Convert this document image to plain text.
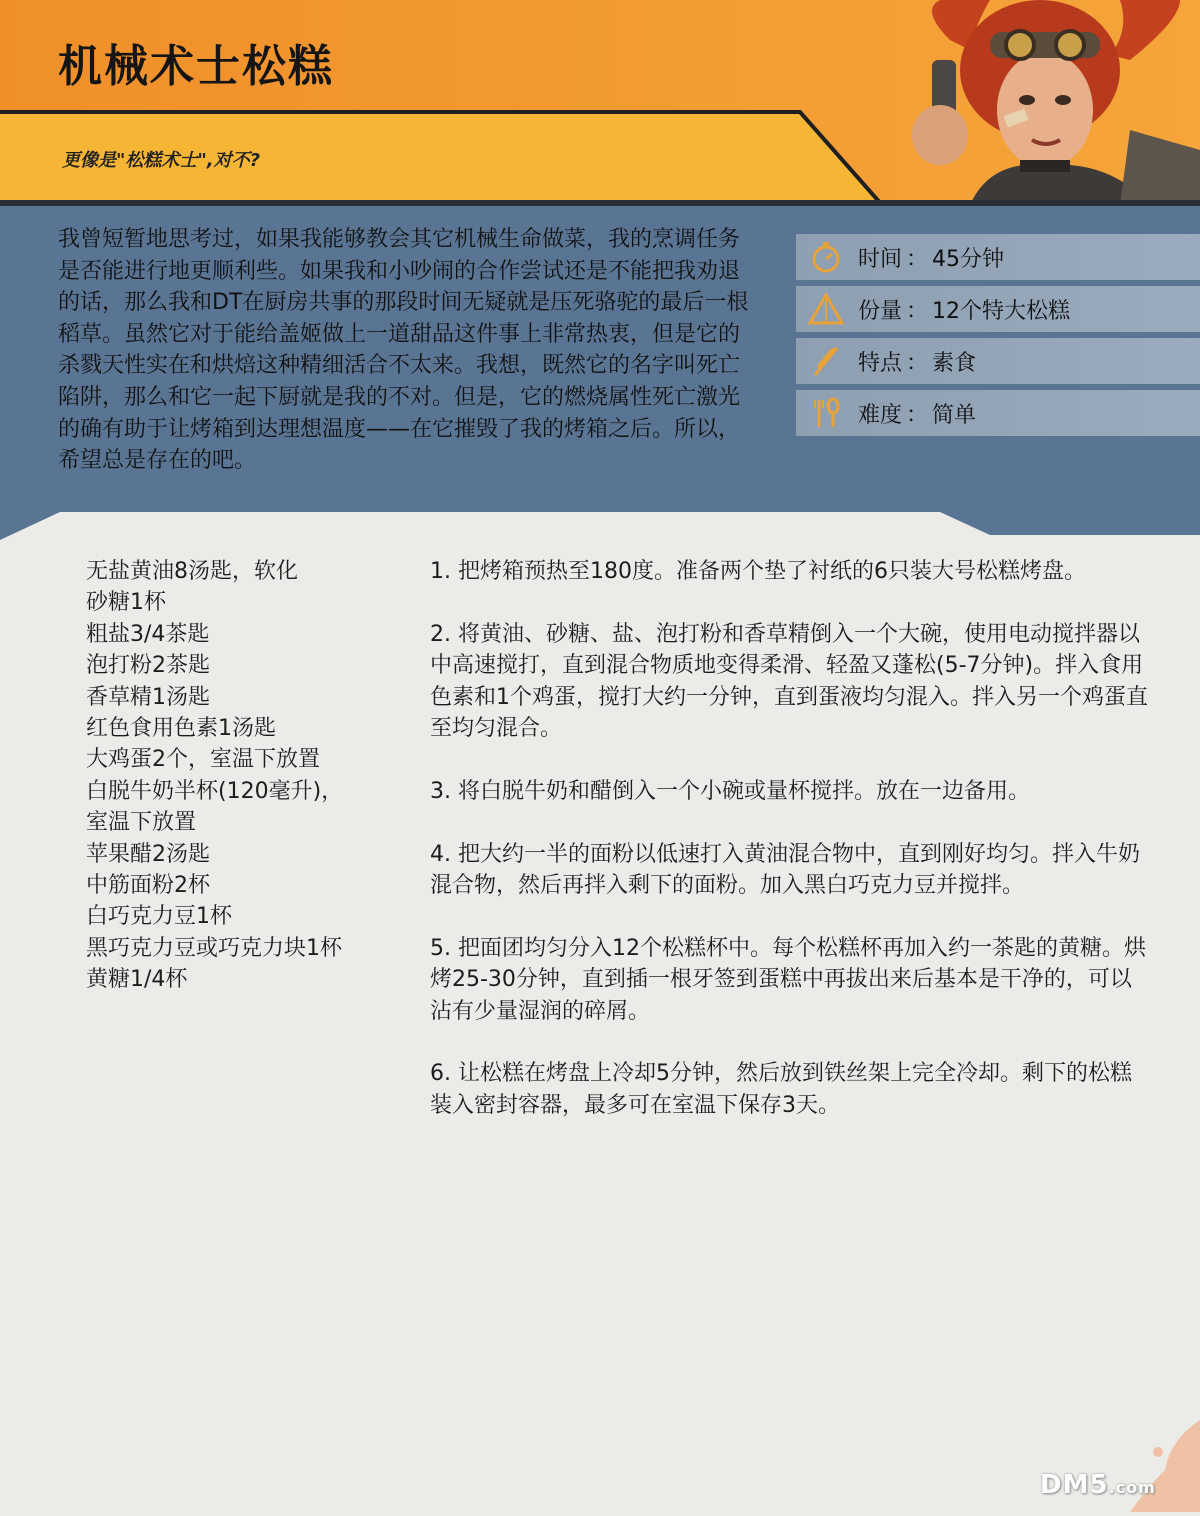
机械术士松糕
更像是"松糕术士",对不?

我曾短暂地思考过，如果我能够教会其它机械生命做菜，我的烹调任务是否能进行地更顺利些。如果我和小吵闹的合作尝试还是不能把我劝退的话，那么我和DT在厨房共事的那段时间无疑就是压死骆驼的最后一根稻草。虽然它对于能给盖姬做上一道甜品这件事上非常热衷，但是它的杀戮天性实在和烘焙这种精细活合不太来。我想，既然它的名字叫死亡陷阱，那么和它一起下厨就是我的不对。但是，它的燃烧属性死亡激光的确有助于让烤箱到达理想温度——在它摧毁了我的烤箱之后。所以，希望总是存在的吧。

时间 ： 45分钟
份量 ： 12个特大松糕
特点 ： 素食
难度 ： 简单
无盐黄油8汤匙，软化
砂糖1杯
粗盐3/4茶匙
泡打粉2茶匙
香草精1汤匙
红色食用色素1汤匙
大鸡蛋2个，室温下放置
白脱牛奶半杯(120毫升)，
室温下放置
苹果醋2汤匙
中筋面粉2杯
白巧克力豆1杯
黑巧克力豆或巧克力块1杯
黄糖1/4杯
1. 把烤箱预热至180度。准备两个垫了衬纸的6只装大号松糕烤盘。
2. 将黄油、砂糖、盐、泡打粉和香草精倒入一个大碗，使用电动搅拌器以中高速搅打，直到混合物质地变得柔滑、轻盈又蓬松(5-7分钟)。拌入食用色素和1个鸡蛋，搅打大约一分钟，直到蛋液均匀混入。拌入另一个鸡蛋直至均匀混合。
3. 将白脱牛奶和醋倒入一个小碗或量杯搅拌。放在一边备用。
4. 把大约一半的面粉以低速打入黄油混合物中，直到刚好均匀。拌入牛奶混合物，然后再拌入剩下的面粉。加入黑白巧克力豆并搅拌。
5. 把面团均匀分入12个松糕杯中。每个松糕杯再加入约一茶匙的黄糖。烘烤25-30分钟，直到插一根牙签到蛋糕中再拔出来后基本是干净的，可以沾有少量湿润的碎屑。
6. 让松糕在烤盘上冷却5分钟，然后放到铁丝架上完全冷却。剩下的松糕装入密封容器，最多可在室温下保存3天。
DM5.com
